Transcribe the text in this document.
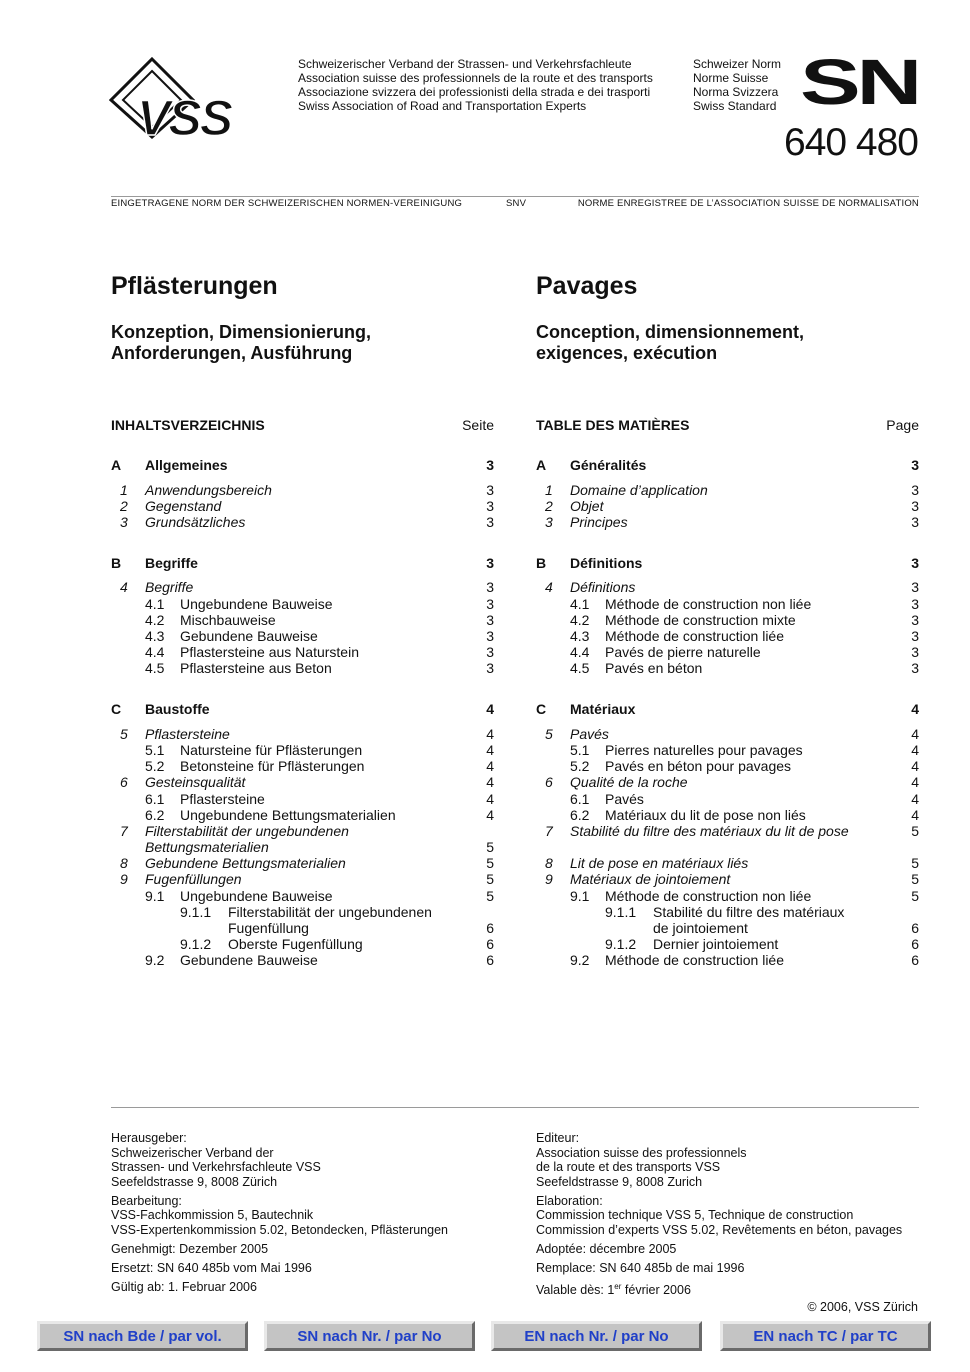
VSS
Schweizerischer Verband der Strassen- und Verkehrsfachleute
Association suisse des professionnels de la route et des transports
Associazione svizzera dei professionisti della strada e dei trasporti
Swiss Association of Road and Transportation Experts
Schweizer Norm
Norme Suisse
Norma Svizzera
Swiss Standard SN
640 480
EINGETRAGENE NORM DER SCHWEIZERISCHEN NORMEN-VEREINIGUNG	SNV	NORME ENREGISTREE DE L’ASSOCIATION SUISSE DE NORMALISATION
Pflästerungen	Pavages
Konzeption, Dimensionierung,
Anforderungen, Ausführung
Conception, dimensionnement,
exigences, exécution
INHALTSVERZEICHNIS	Seite
A Allgemeines	3
1 Anwendungsbereich	3
2 Gegenstand	3
3 Grundsätzliches	3
B Begriffe	3
4 Begriffe	3
4.1 Ungebundene Bauweise	3
4.2 Mischbauweise	3
4.3 Gebundene Bauweise	3
4.4 Pflastersteine aus Naturstein	3
4.5 Pflastersteine aus Beton	3
C Baustoffe	4
5 Pflastersteine	4
5.1 Natursteine für Pflästerungen	4
5.2 Betonsteine für Pflästerungen	4
6 Gesteinsqualität	4
6.1 Pflastersteine	4
6.2 Ungebundene Bettungsmaterialien	4
7 Filterstabilität der ungebundenen
Bettungsmaterialien	5
8 Gebundene Bettungsmaterialien	5
9 Fugenfüllungen	5
9.1 Ungebundene Bauweise	5
9.1.1 Filterstabilität der ungebundenen
Fugenfüllung	6
9.1.2 Oberste Fugenfüllung	6
9.2 Gebundene Bauweise	6
TABLE DES MATIÈRES	Page
A Généralités	3
1 Domaine d’application	3
2 Objet	3
3 Principes	3
B Définitions	3
4 Définitions	3
4.1 Méthode de construction non liée	3
4.2 Méthode de construction mixte	3
4.3 Méthode de construction liée	3
4.4 Pavés de pierre naturelle	3
4.5 Pavés en béton	3
C Matériaux	4
5 Pavés	4
5.1 Pierres naturelles pour pavages	4
5.2 Pavés en béton pour pavages	4
6 Qualité de la roche	4
6.1 Pavés	4
6.2 Matériaux du lit de pose non liés	4
7 Stabilité du filtre des matériaux du lit de pose	5
8 Lit de pose en matériaux liés	5
9 Matériaux de jointoiement	5
9.1 Méthode de construction non liée	5
9.1.1 Stabilité du filtre des matériaux
de jointoiement	6
9.1.2 Dernier jointoiement	6
9.2 Méthode de construction liée	6
Herausgeber:
Schweizerischer Verband der
Strassen- und Verkehrsfachleute VSS
Seefeldstrasse 9, 8008 Zürich
Bearbeitung:
VSS-Fachkommission 5, Bautechnik
VSS-Expertenkommission 5.02, Betondecken, Pflästerungen
Genehmigt: Dezember 2005
Ersetzt: SN 640 485b vom Mai 1996
Gültig ab: 1. Februar 2006
Editeur:
Association suisse des professionnels
de la route et des transports VSS
Seefeldstrasse 9, 8008 Zurich
Elaboration:
Commission technique VSS 5, Technique de construction
Commission d’experts VSS 5.02, Revêtements en béton, pavages
Adoptée: décembre 2005
Remplace: SN 640 485b de mai 1996
Valable dès: 1er février 2006
© 2006, VSS Zürich
SN nach Bde / par vol.	SN nach Nr. / par No	EN nach Nr. / par No	EN nach TC / par TC
